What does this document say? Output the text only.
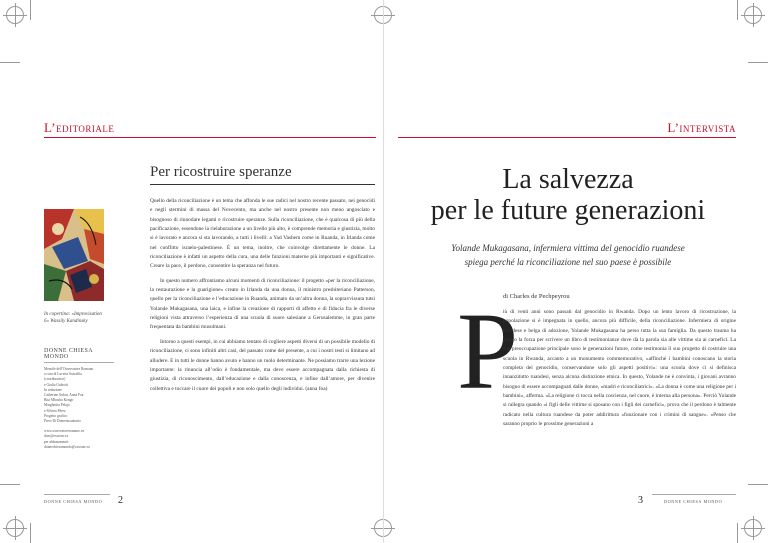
L’editoriale
Per ricostruire speranze
In copertina: «Improvisation 6» Wassily Kandinsky
DONNE CHIESA MONDO
Mensile dell’Osservatore Romano
a cura di Lucetta Scaraffia
(coordinatrice)
e Giulia Galeotti
In redazione
Catherine Aubin, Anna Foa
Rita Mboshu Kongo
Margherita Pelaja
e Silvina Pérez
Progetto grafico
Piero Di Domenicantonio
www.osservatoreromano.va
dcm@ossrom.va
per abbonamenti:
donnechiesamondo@ossrom.va

Quello della riconciliazione è un tema che affonda le sue radici nel nostro recente passato, nei genocidi e negli stermini di massa del Novecento, ma anche nel nostro presente non meno angosciato e bisognoso di rinnodare legami e ricostruire speranze. Sulla riconciliazione, che è qualcosa di più della pacificazione, essendone la rielaborazione a un livello più alto, è comprende memoria e giustizia, molto si è lavorato e ancora si sta lavorando, a tutti i livelli: a Yad Vashem come in Ruanda, in Irlanda come nel conflitto israelo-palestinese. È un tema, inoltre, che coinvolge direttamente le donne. La riconciliazione è infatti un aspetto della cura, una delle funzioni materne più importanti e significative. Creare la pace, il perdono, consentire la speranza nel futuro.

In questo numero affrontiamo alcuni momenti di riconciliazione: il progetto «per la riconciliazione, la restaurazione e la guarigione» creato in Irlanda da una donna, il ministro presbiteriano Patterson, quello per la riconciliazione e l’educazione in Ruanda, animato da un’altra donna, la sopravvissuta tutsi Yolande Mukagasana, una laica, e infine la creazione di rapporti di affetto e di fiducia fra le diverse religioni vista attraverso l’esperienza di una scuola di suore salesiane a Gerusalemme, in gran parte frequentata da bambini musulmani.

Intorno a questi esempi, in cui abbiamo tentato di cogliere aspetti diversi di un possibile modello di riconciliazione, ci sono infiniti altri casi, del passato come del presente, a cui i nostri testi si limitano ad alludere. E in tutti le donne hanno avuto e hanno un ruolo determinante. Ne possiamo trarre una lezione importante: la rinuncia all’odio è fondamentale, ma deve essere accompagnata dalla richiesta di giustizia, di riconoscimento, dall’educazione e dalla conoscenza, e infine dall’amore, per divenire collettiva e toccare il cuore dei popoli e non solo quello degli individui. (anna foa)

DONNE CHIESA MONDO 2
L’intervista
La salvezza
per le future generazioni
Yolande Mukagasana, infermiera vittima del genocidio ruandese
spiega perché la riconciliazione nel suo paese è possibile
di Charles de Pechpeyrou
P
iù di venti anni sono passati dal genocidio in Rwanda. Dopo un lento lavoro di ricostruzione, la popolazione si è impegnata in quello, ancora più difficile, della riconciliazione. Infermiera di origine mandese e belga di adozione, Yolande Mukagasana ha perso tutta la sua famiglia. Da questo trauma ha attinto la forza per scrivere un libro di testimonianze dove dà la parola sia alle vittime sia ai carnefici. La sua preoccupazione principale sono le generazioni future, come testimonia il suo progetto di costruire una scuola in Rwanda, accanto a un monumento commemorativo, «affinché i bambini conoscano la storia completa del genocidio, conservandone solo gli aspetti positivi»: una scuola dove ci si definisca innanzitutto ruandesi, senza alcuna distinzione etnica. In questo, Yolande ne è convinta, i giovani avranno bisogno di essere accompagnati dalle donne, «madri e riconciliatrici». «La donna è come una religione per i bambini», afferma. «La religione ci tocca nella coscienza, nel cuore, è interna alla persona». Perciò Yolande si rallegra quando «i figli delle vittime si sposano con i figli dei carnefici», prova che il perdono è talmente radicato nella cultura ruandese da poter addirittura «funzionare con i crimini di sangue». «Penso che saranno proprio le prossime generazioni a
3	DONNE CHIESA MONDO
